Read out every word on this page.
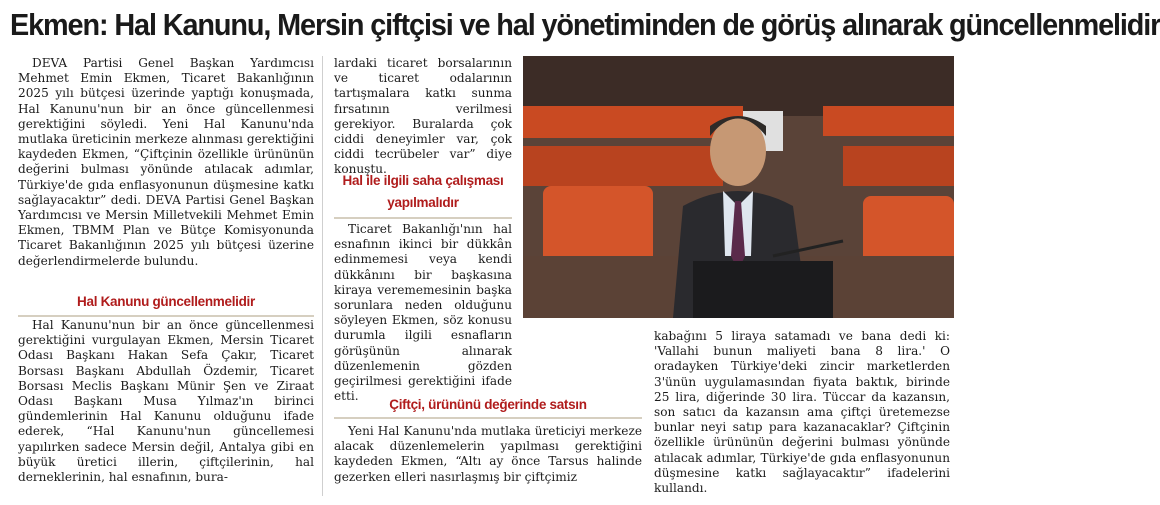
Ekmen: Hal Kanunu, Mersin çiftçisi ve hal yönetiminden de görüş alınarak güncellenmelidir

DEVA Partisi Genel Başkan Yardımcısı Mehmet Emin Ekmen, Ticaret Bakanlığının 2025 yılı bütçesi üzerinde yaptığı konuşmada, Hal Kanunu'nun bir an önce güncellenmesi gerektiğini söyledi. Yeni Hal Kanunu'nda mutlaka üreticinin merkeze alınması gerektiğini kaydeden Ekmen, “Çiftçinin özellikle ürününün değerini bulması yönünde atılacak adımlar, Türkiye'de gıda enflasyonunun düşmesine katkı sağlayacaktır” dedi. DEVA Partisi Genel Başkan Yardımcısı ve Mersin Milletvekili Mehmet Emin Ekmen, TBMM Plan ve Bütçe Komisyonunda Ticaret Bakanlığının 2025 yılı bütçesi üzerine değerlendirmelerde bulundu.

Hal Kanunu güncellenmelidir

Hal Kanunu'nun bir an önce güncellenmesi gerektiğini vurgulayan Ekmen, Mersin Ticaret Odası Başkanı Hakan Sefa Çakır, Ticaret Borsası Başkanı Abdullah Özdemir, Ticaret Borsası Meclis Başkanı Münir Şen ve Ziraat Odası Başkanı Musa Yılmaz'ın birinci gündemlerinin Hal Kanunu olduğunu ifade ederek, “Hal Kanunu'nun güncellemesi yapılırken sadece Mersin değil, Antalya gibi en büyük üretici illerin, çiftçilerinin, hal derneklerinin, hal esnafının, bura-

lardaki ticaret borsalarının ve ticaret odalarının tartışmalara katkı sunma fırsatının verilmesi gerekiyor. Buralarda çok ciddi deneyimler var, çok ciddi tecrübeler var” diye konuştu.

Hal ile ilgili saha çalışması yapılmalıdır

Ticaret Bakanlığı'nın hal esnafının ikinci bir dükkân edinmemesi veya kendi dükkânını bir başkasına kiraya verememesinin başka sorunlara neden olduğunu söyleyen Ekmen, söz konusu durumla ilgili esnafların görüşünün alınarak düzenlemenin gözden geçirilmesi gerektiğini ifade etti.

Çiftçi, ürününü değerinde satsın

Yeni Hal Kanunu'nda mutlaka üreticiyi merkeze alacak düzenlemelerin yapılması gerektiğini kaydeden Ekmen, “Altı ay önce Tarsus halinde gezerken elleri nasırlaşmış bir çiftçimiz

kabağını 5 liraya satamadı ve bana dedi ki: 'Vallahi bunun maliyeti bana 8 lira.' O oradayken Türkiye'deki zincir marketlerden 3'ünün uygulamasından fiyata baktık, birinde 25 lira, diğerinde 30 lira. Tüccar da kazansın, son satıcı da kazansın ama çiftçi üretemezse bunlar neyi satıp para kazanacaklar? Çiftçinin özellikle ürününün değerini bulması yönünde atılacak adımlar, Türkiye'de gıda enflasyonunun düşmesine katkı sağlayacaktır” ifadelerini kullandı.
